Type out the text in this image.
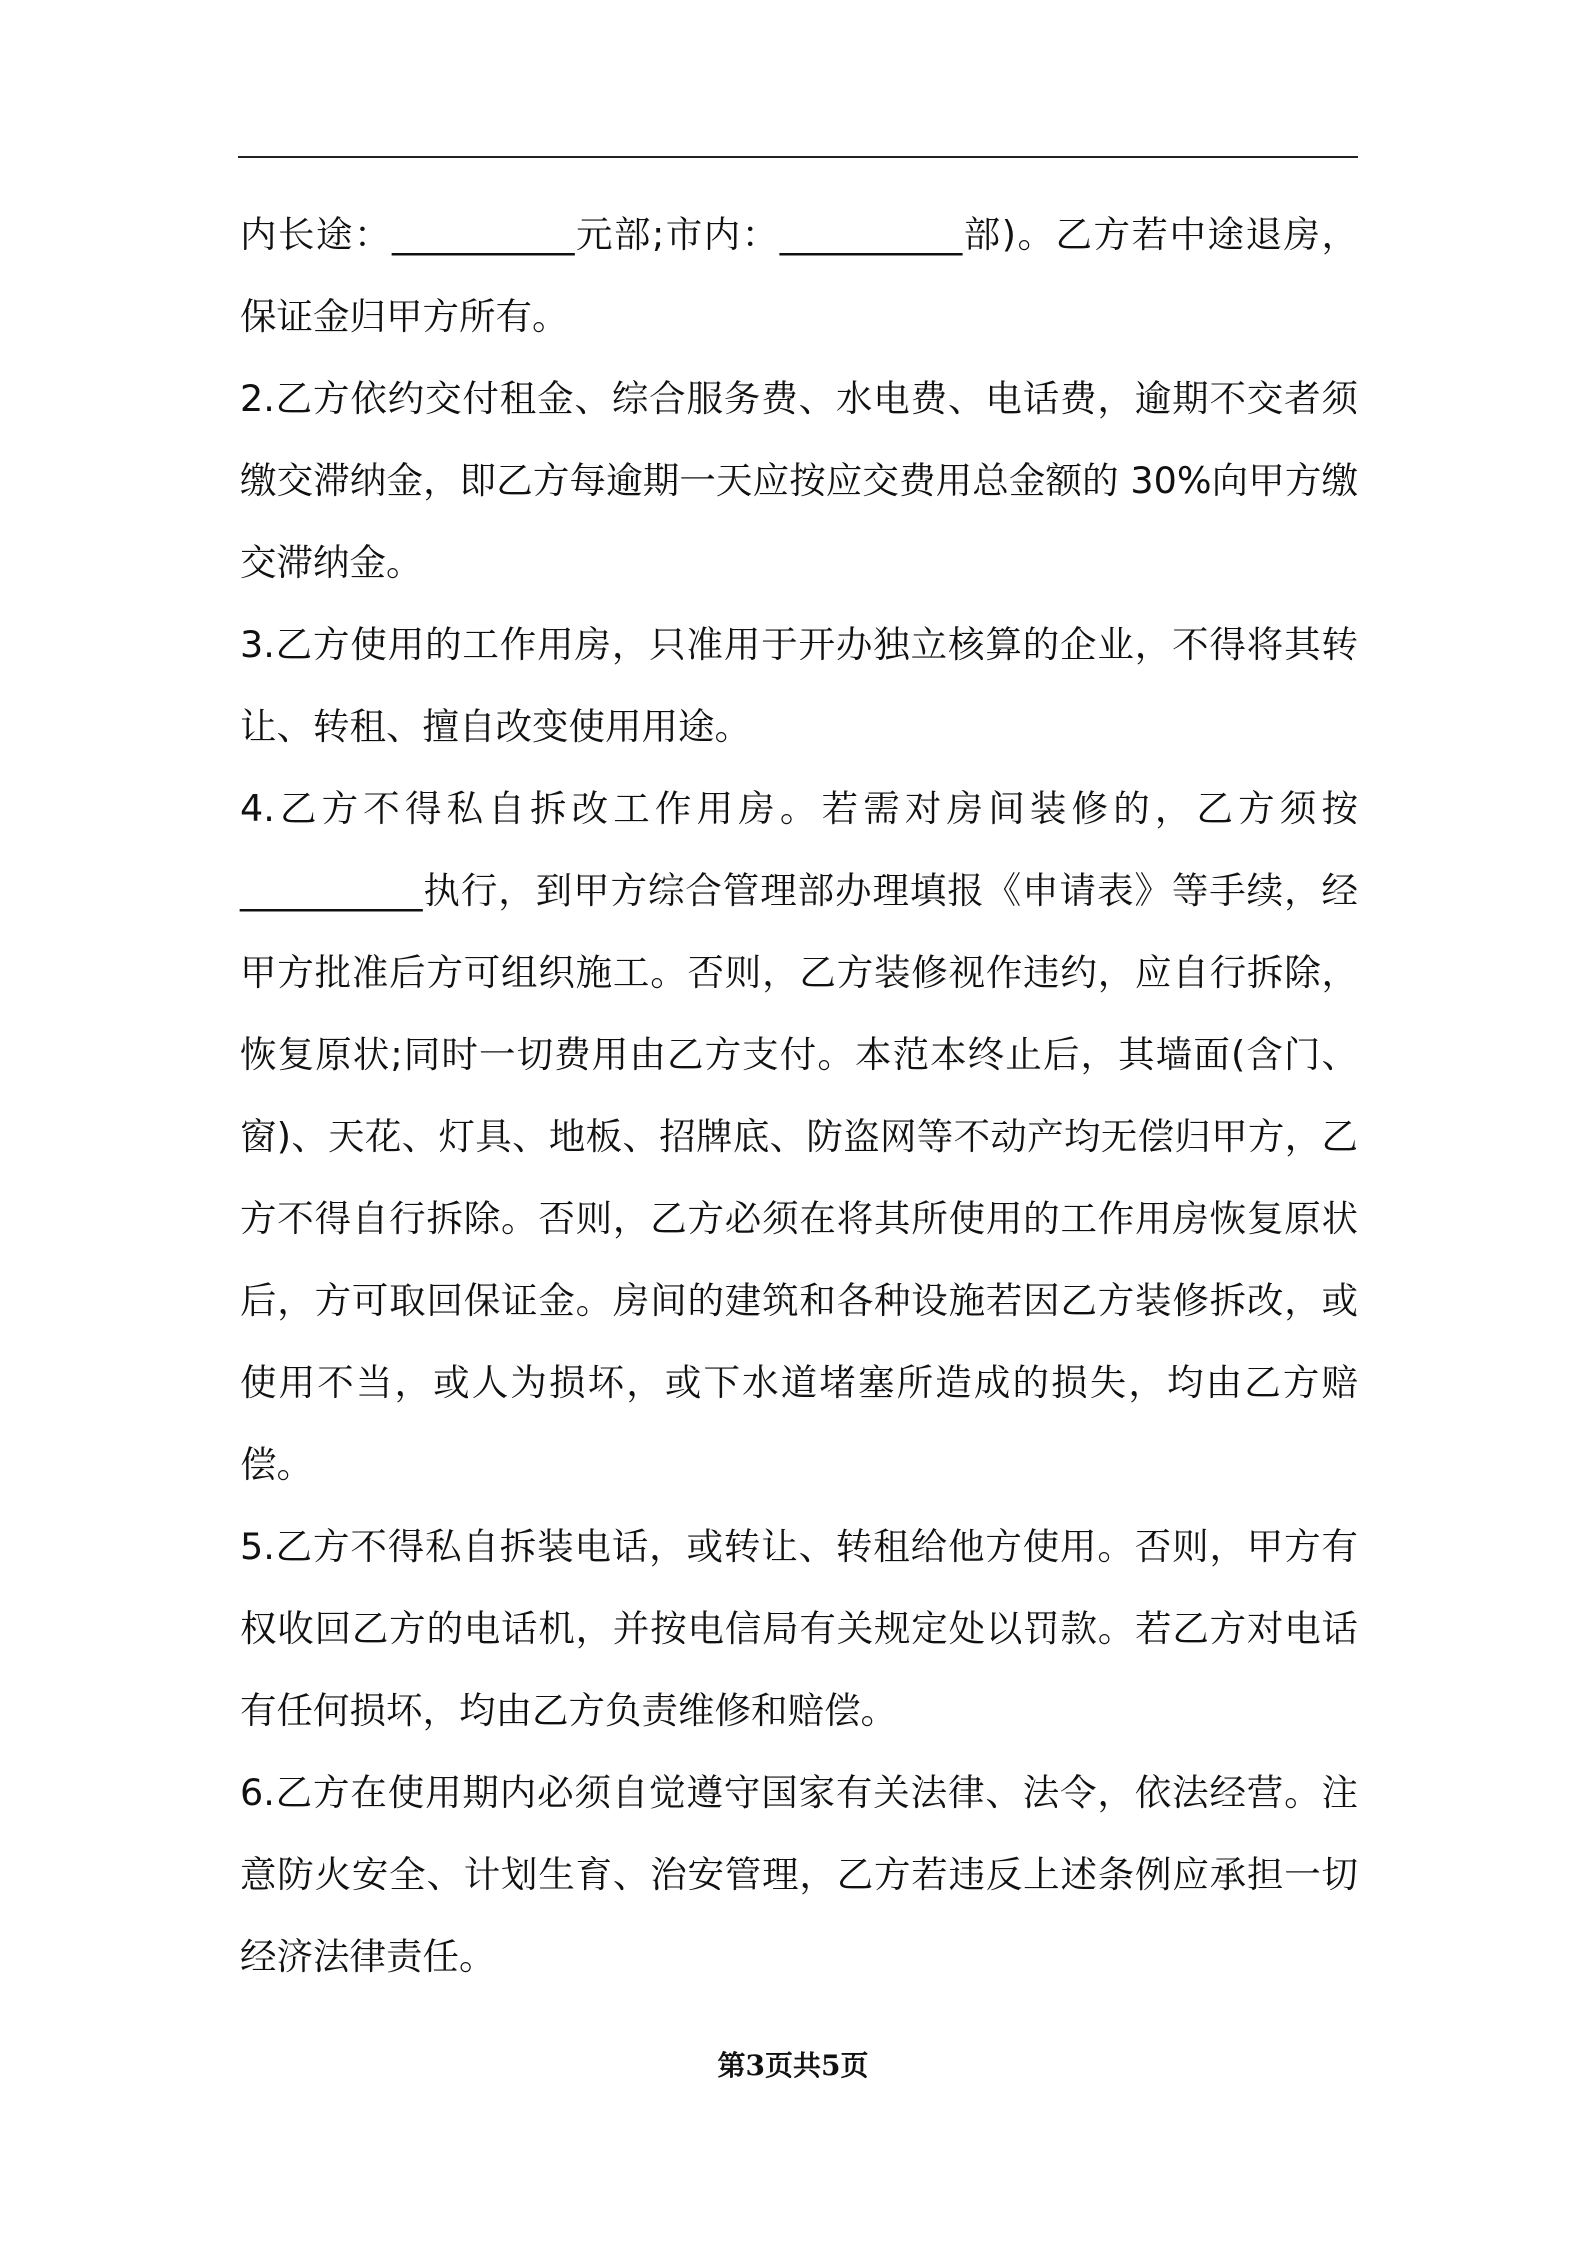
内长途：__________元部;市内：__________部)。乙方若中途退房，保证金归甲方所有。

2.乙方依约交付租金、综合服务费、水电费、电话费，逾期不交者须缴交滞纳金，即乙方每逾期一天应按应交费用总金额的 30%向甲方缴交滞纳金。

3.乙方使用的工作用房，只准用于开办独立核算的企业，不得将其转让、转租、擅自改变使用用途。

4.乙方不得私自拆改工作用房。若需对房间装修的，乙方须按__________执行，到甲方综合管理部办理填报《申请表》等手续，经甲方批准后方可组织施工。否则，乙方装修视作违约，应自行拆除，恢复原状;同时一切费用由乙方支付。本范本终止后，其墙面(含门、窗)、天花、灯具、地板、招牌底、防盗网等不动产均无偿归甲方，乙方不得自行拆除。否则，乙方必须在将其所使用的工作用房恢复原状后，方可取回保证金。房间的建筑和各种设施若因乙方装修拆改，或使用不当，或人为损坏，或下水道堵塞所造成的损失，均由乙方赔偿。

5.乙方不得私自拆装电话，或转让、转租给他方使用。否则，甲方有权收回乙方的电话机，并按电信局有关规定处以罚款。若乙方对电话有任何损坏，均由乙方负责维修和赔偿。

6.乙方在使用期内必须自觉遵守国家有关法律、法令，依法经营。注意防火安全、计划生育、治安管理，乙方若违反上述条例应承担一切经济法律责任。

第3页共5页
